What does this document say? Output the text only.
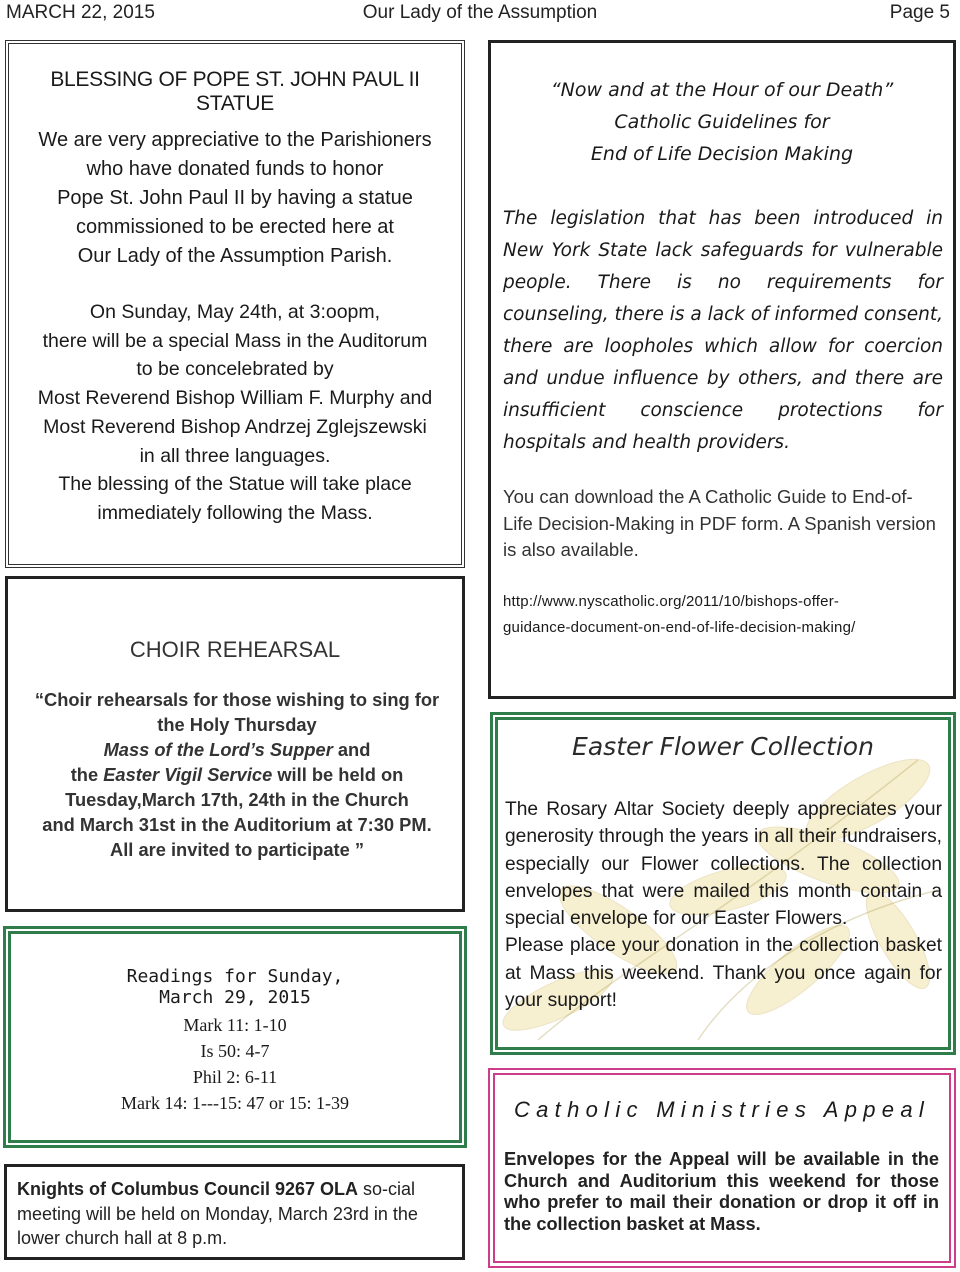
MARCH 22, 2015	Our Lady of the Assumption	Page 5
BLESSING OF POPE ST. JOHN PAUL II STATUE
We are very appreciative to the Parishioners
who have donated funds to honor
Pope St. John Paul II by having a statue
commissioned to be erected here at
Our Lady of the Assumption Parish.
On Sunday, May 24th, at 3:oopm,
there will be a special Mass in the Auditorum
to be concelebrated by
Most Reverend Bishop William F. Murphy and
Most Reverend Bishop Andrzej Zglejszewski
in all three languages.
The blessing of the Statue will take place
immediately following the Mass.
“Now and at the Hour of our Death”
Catholic Guidelines for
End of Life Decision Making

The legislation that has been introduced in New York State lack safeguards for vulnerable people. There is no requirements for counseling, there is a lack of informed consent, there are loopholes which allow for coercion and undue influence by others, and there are insufficient conscience protections for hospitals and health providers.

You can download the A Catholic Guide to End-of-Life Decision-Making in PDF form. A Spanish version is also available.

http://www.nyscatholic.org/2011/10/bishops-offer-
guidance-document-on-end-of-life-decision-making/
CHOIR REHEARSAL
“Choir rehearsals for those wishing to sing for
the Holy Thursday
Mass of the Lord’s Supper and
the Easter Vigil Service will be held on
Tuesday,March 17th, 24th in the Church
and March 31st in the Auditorium at 7:30 PM.
All are invited to participate ”
Readings for Sunday,
March 29, 2015
Mark 11: 1-10
Is 50: 4-7
Phil 2: 6-11
Mark 14: 1---15: 47 or 15: 1-39

Knights of Columbus Council 9267 OLA so-cial meeting will be held on Monday, March 23rd in the lower church hall at 8 p.m.

Easter Flower Collection

The Rosary Altar Society deeply appreciates your generosity through the years in all their fundraisers, especially our Flower collections. The collection envelopes that were mailed this month contain a special envelope for our Easter Flowers.

Please place your donation in the collection basket at Mass this weekend. Thank you once again for your support!

Catholic Ministries Appeal

Envelopes for the Appeal will be available in the Church and Auditorium this weekend for those who prefer to mail their donation or drop it off in the collection basket at Mass.
